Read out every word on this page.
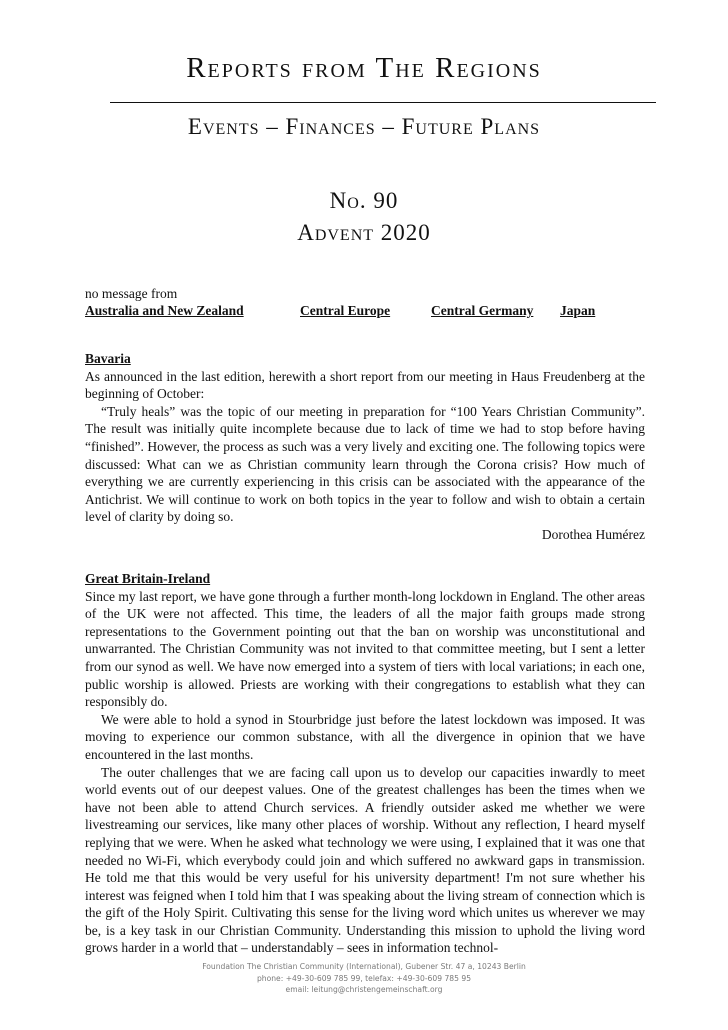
Reports from The Regions
Events – Finances – Future Plans
No. 90
Advent 2020
no message from
Australia and New Zealand	Central Europe	Central Germany Japan
Bavaria

As announced in the last edition, herewith a short report from our meeting in Haus Freudenberg at the beginning of October:

“Truly heals” was the topic of our meeting in preparation for “100 Years Christian Community”. The result was initially quite incomplete because due to lack of time we had to stop before having “finished”. However, the process as such was a very lively and exciting one. The following topics were discussed: What can we as Christian community learn through the Corona crisis? How much of everything we are currently experiencing in this crisis can be associated with the appearance of the Antichrist. We will continue to work on both topics in the year to follow and wish to obtain a certain level of clarity by doing so.

Dorothea Humérez
Great Britain-Ireland

Since my last report, we have gone through a further month-long lockdown in England. The other areas of the UK were not affected. This time, the leaders of all the major faith groups made strong representations to the Government pointing out that the ban on worship was unconstitutional and unwarranted. The Christian Community was not invited to that committee meeting, but I sent a letter from our synod as well. We have now emerged into a system of tiers with local variations; in each one, public worship is allowed. Priests are working with their congregations to establish what they can responsibly do.

We were able to hold a synod in Stourbridge just before the latest lockdown was imposed. It was moving to experience our common substance, with all the divergence in opinion that we have encountered in the last months.

The outer challenges that we are facing call upon us to develop our capacities inwardly to meet world events out of our deepest values. One of the greatest challenges has been the times when we have not been able to attend Church services. A friendly outsider asked me whether we were livestreaming our services, like many other places of worship. Without any reflection, I heard myself replying that we were. When he asked what technology we were using, I explained that it was one that needed no Wi-Fi, which everybody could join and which suffered no awkward gaps in transmission. He told me that this would be very useful for his university department! I'm not sure whether his interest was feigned when I told him that I was speaking about the living stream of connection which is the gift of the Holy Spirit. Cultivating this sense for the living word which unites us wherever we may be, is a key task in our Christian Community. Understanding this mission to uphold the living word grows harder in a world that – understandably – sees in information technol-

Foundation The Christian Community (International), Gubener Str. 47 a, 10243 Berlin
phone: +49-30-609 785 99, telefax: +49-30-609 785 95
email: leitung@christengemeinschaft.org
